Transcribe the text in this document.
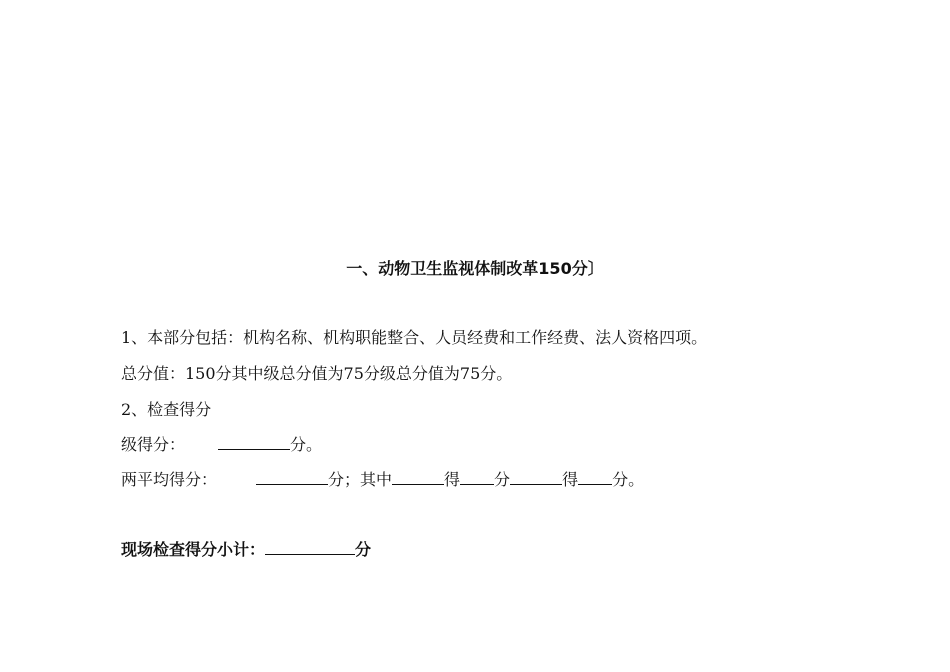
一、动物卫生监视体制改革150分〕
1、本部分包括：机构名称、机构职能整合、人员经费和工作经费、法人资格四项。
总分值：150分其中级总分值为75分级总分值为75分。
2、检查得分
级得分：	分。
两平均得分：	分；其中	得 分	得 分。
现场检查得分小计：	分
